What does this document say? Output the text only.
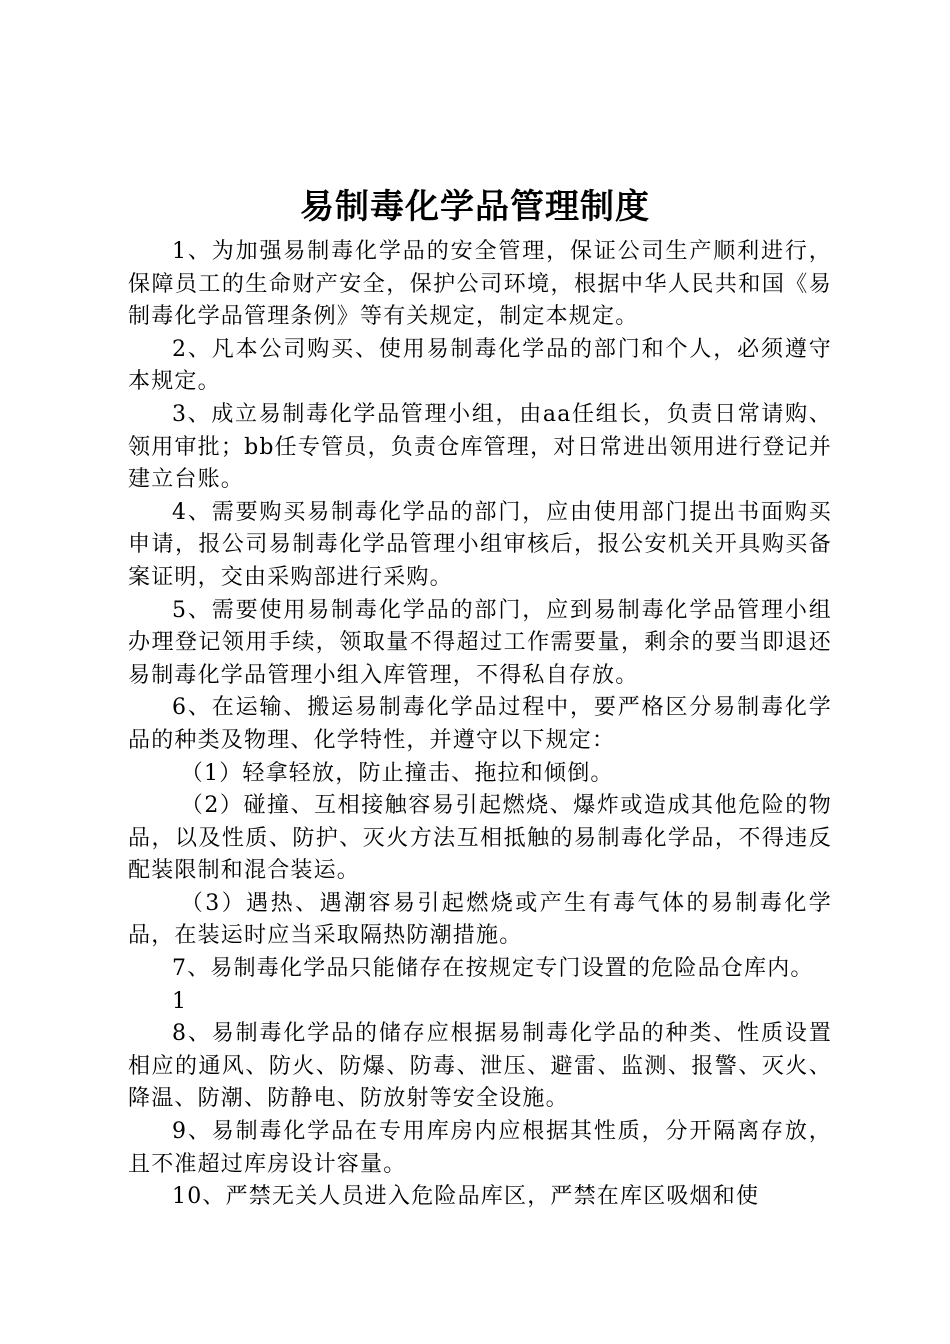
易制毒化学品管理制度

1、为加强易制毒化学品的安全管理，保证公司生产顺利进行，保障员工的生命财产安全，保护公司环境，根据中华人民共和国《易制毒化学品管理条例》等有关规定，制定本规定。

2、凡本公司购买、使用易制毒化学品的部门和个人，必须遵守本规定。

3、成立易制毒化学品管理小组，由aa任组长，负责日常请购、领用审批；bb任专管员，负责仓库管理，对日常进出领用进行登记并建立台账。

4、需要购买易制毒化学品的部门，应由使用部门提出书面购买申请，报公司易制毒化学品管理小组审核后，报公安机关开具购买备案证明，交由采购部进行采购。

5、需要使用易制毒化学品的部门，应到易制毒化学品管理小组办理登记领用手续，领取量不得超过工作需要量，剩余的要当即退还易制毒化学品管理小组入库管理，不得私自存放。

6、在运输、搬运易制毒化学品过程中，要严格区分易制毒化学品的种类及物理、化学特性，并遵守以下规定：

（1）轻拿轻放，防止撞击、拖拉和倾倒。

（2）碰撞、互相接触容易引起燃烧、爆炸或造成其他危险的物品，以及性质、防护、灭火方法互相抵触的易制毒化学品，不得违反配装限制和混合装运。

（3）遇热、遇潮容易引起燃烧或产生有毒气体的易制毒化学品，在装运时应当采取隔热防潮措施。

7、易制毒化学品只能储存在按规定专门设置的危险品仓库内。

1

8、易制毒化学品的储存应根据易制毒化学品的种类、性质设置相应的通风、防火、防爆、防毒、泄压、避雷、监测、报警、灭火、降温、防潮、防静电、防放射等安全设施。

9、易制毒化学品在专用库房内应根据其性质，分开隔离存放，且不准超过库房设计容量。

10、严禁无关人员进入危险品库区，严禁在库区吸烟和使
